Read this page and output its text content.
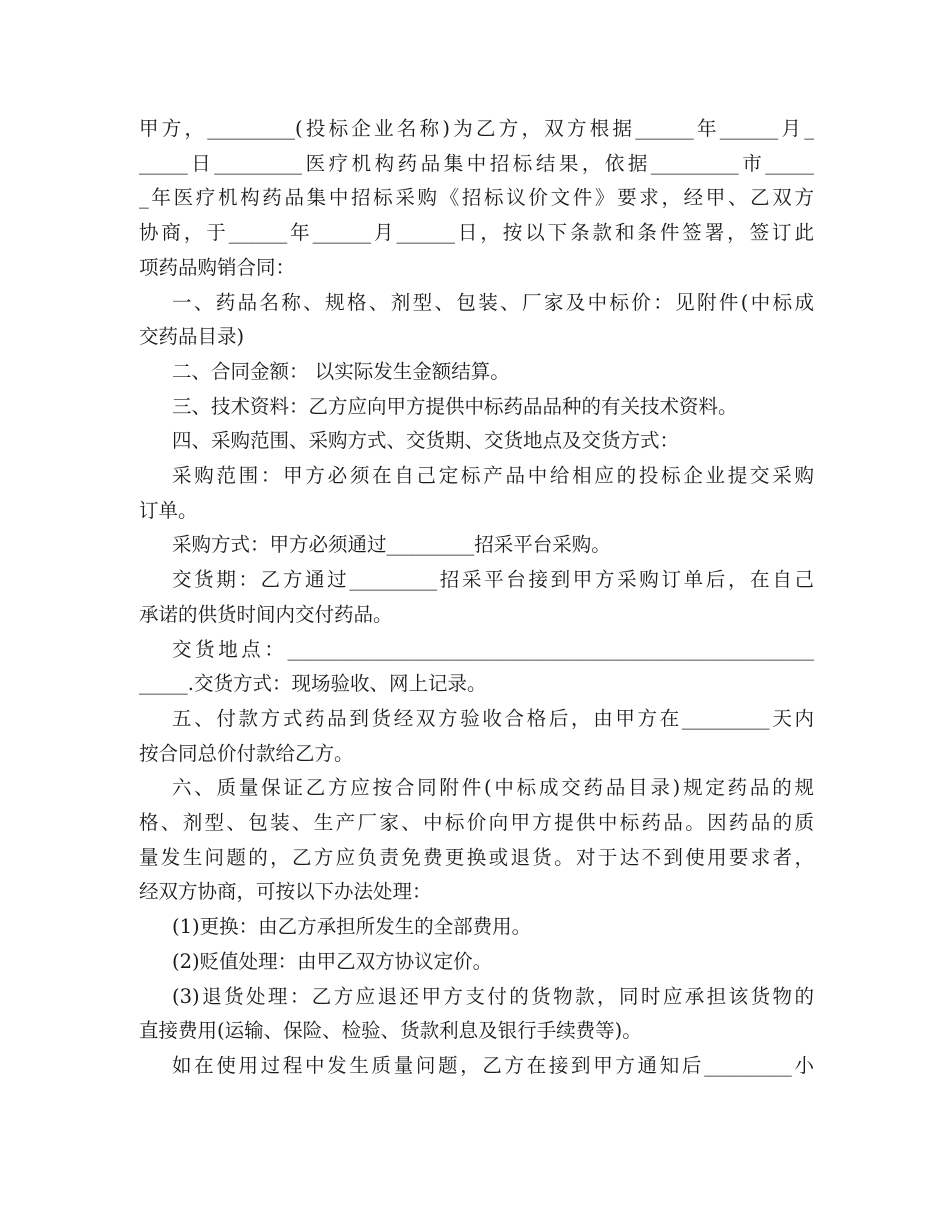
甲方，_________(投标企业名称)为乙方，双方根据______年______月_
_____日_________医疗机构药品集中招标结果，依据_________市_____
_年医疗机构药品集中招标采购《招标议价文件》要求，经甲、乙双方
协商，于______年______月______日，按以下条款和条件签署，签订此
项药品购销合同：
一、药品名称、规格、剂型、包装、厂家及中标价：见附件(中标成
交药品目录)
二、合同金额： 以实际发生金额结算。
三、技术资料：乙方应向甲方提供中标药品品种的有关技术资料。
四、采购范围、采购方式、交货期、交货地点及交货方式：
采购范围：甲方必须在自己定标产品中给相应的投标企业提交采购
订单。
采购方式：甲方必须通过_________招采平台采购。
交货期：乙方通过_________招采平台接到甲方采购订单后，在自己
承诺的供货时间内交付药品。
交货地点：______________________________________________________
_____.交货方式：现场验收、网上记录。
五、付款方式药品到货经双方验收合格后，由甲方在_________天内
按合同总价付款给乙方。
六、质量保证乙方应按合同附件(中标成交药品目录)规定药品的规
格、剂型、包装、生产厂家、中标价向甲方提供中标药品。因药品的质
量发生问题的，乙方应负责免费更换或退货。对于达不到使用要求者，
经双方协商，可按以下办法处理：
(1)更换：由乙方承担所发生的全部费用。
(2)贬值处理：由甲乙双方协议定价。
(3)退货处理：乙方应退还甲方支付的货物款，同时应承担该货物的
直接费用(运输、保险、检验、货款利息及银行手续费等)。
如在使用过程中发生质量问题，乙方在接到甲方通知后_________小
